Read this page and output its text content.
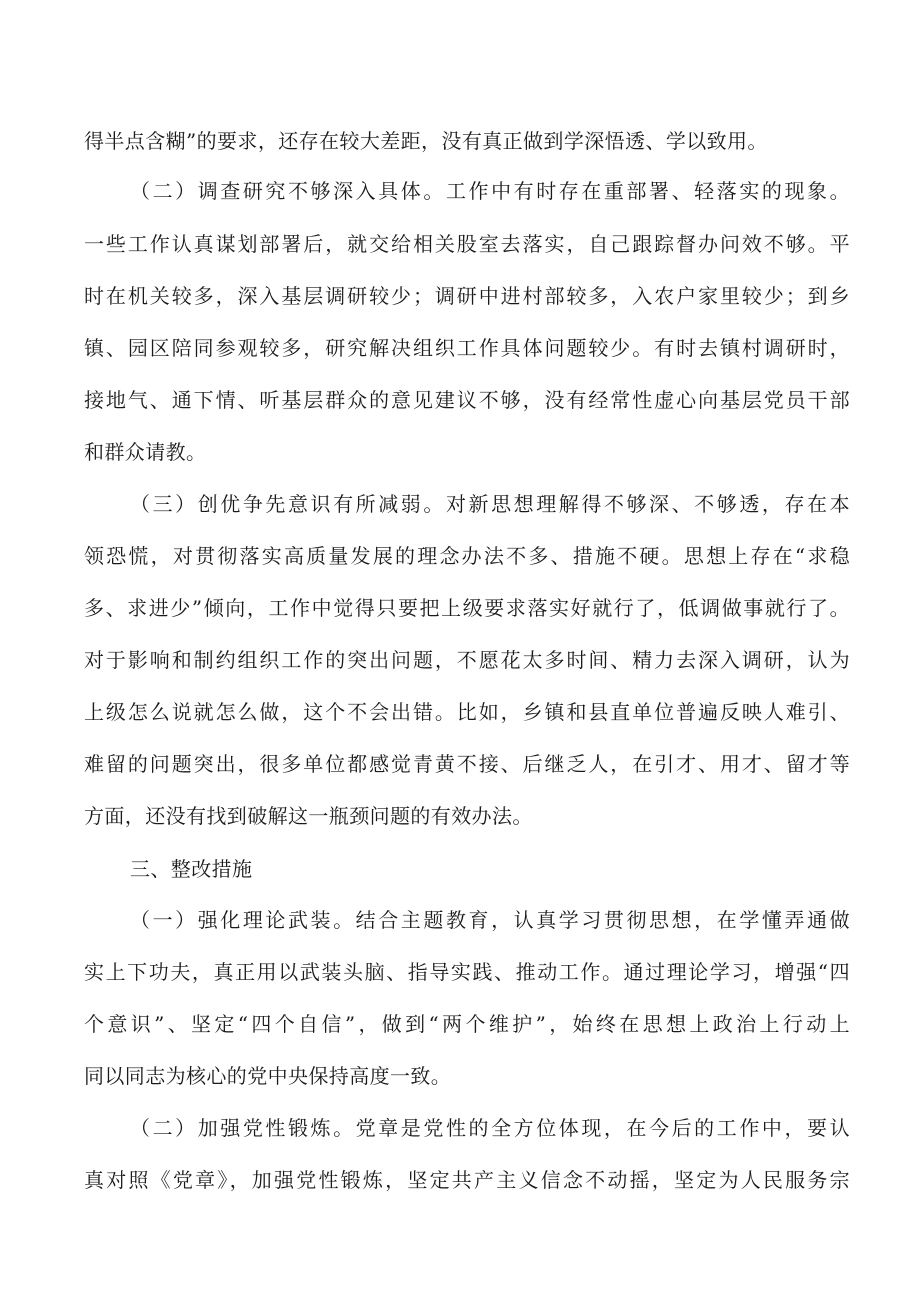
得半点含糊”的要求，还存在较大差距，没有真正做到学深悟透、学以致用。
（二）调查研究不够深入具体。工作中有时存在重部署、轻落实的现象。
一些工作认真谋划部署后，就交给相关股室去落实，自己跟踪督办问效不够。平
时在机关较多，深入基层调研较少；调研中进村部较多，入农户家里较少；到乡
镇、园区陪同参观较多，研究解决组织工作具体问题较少。有时去镇村调研时，
接地气、通下情、听基层群众的意见建议不够，没有经常性虚心向基层党员干部
和群众请教。
（三）创优争先意识有所减弱。对新思想理解得不够深、不够透，存在本
领恐慌，对贯彻落实高质量发展的理念办法不多、措施不硬。思想上存在“求稳
多、求进少”倾向，工作中觉得只要把上级要求落实好就行了，低调做事就行了。
对于影响和制约组织工作的突出问题，不愿花太多时间、精力去深入调研，认为
上级怎么说就怎么做，这个不会出错。比如，乡镇和县直单位普遍反映人难引、
难留的问题突出，很多单位都感觉青黄不接、后继乏人，在引才、用才、留才等
方面，还没有找到破解这一瓶颈问题的有效办法。
三、整改措施
（一）强化理论武装。结合主题教育，认真学习贯彻思想，在学懂弄通做
实上下功夫，真正用以武装头脑、指导实践、推动工作。通过理论学习，增强“四
个意识”、坚定“四个自信”，做到“两个维护”，始终在思想上政治上行动上
同以同志为核心的党中央保持高度一致。
（二）加强党性锻炼。党章是党性的全方位体现，在今后的工作中，要认
真对照《党章》，加强党性锻炼，坚定共产主义信念不动摇，坚定为人民服务宗
